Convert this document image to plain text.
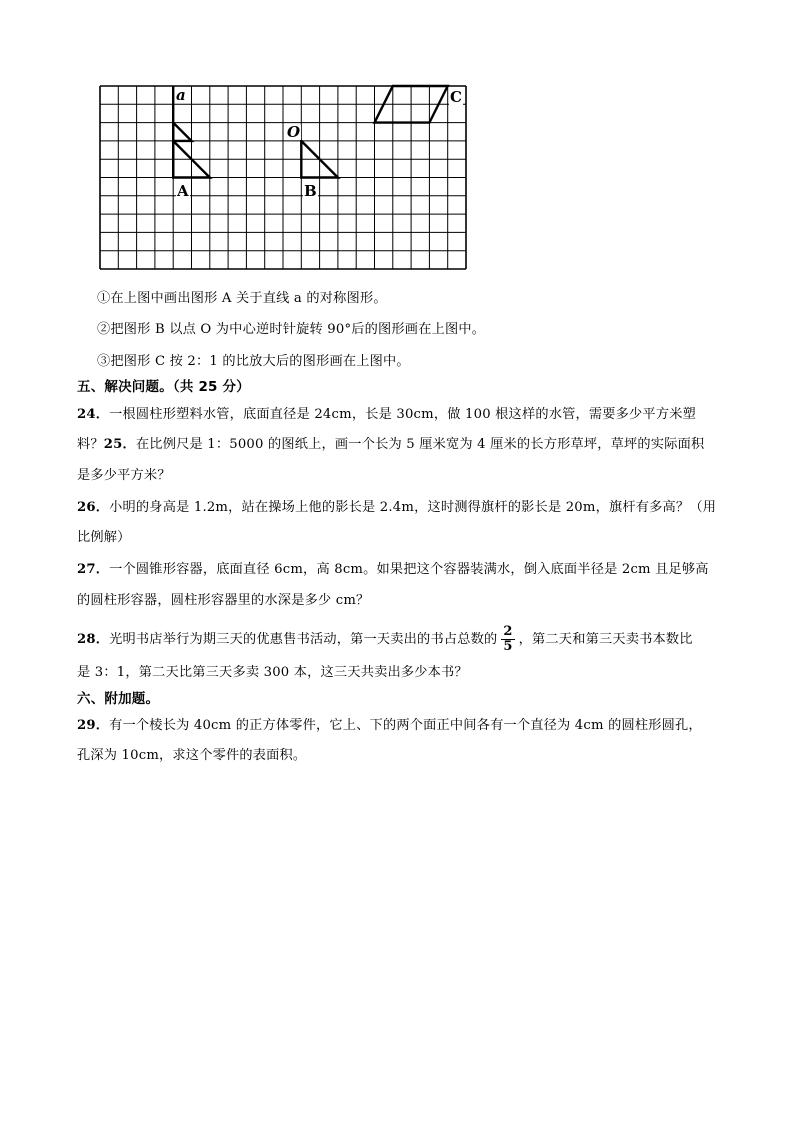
a
O
A	B
C
①在上图中画出图形 A 关于直线 a 的对称图形。
②把图形 B 以点 O 为中心逆时针旋转 90°后的图形画在上图中。
③把图形 C 按 2：1 的比放大后的图形画在上图中。
五、解决问题。（共 25 分）
24．一根圆柱形塑料水管，底面直径是 24cm，长是 30cm，做 100 根这样的水管，需要多少平方米塑
料？25．在比例尺是 1：5000 的图纸上，画一个长为 5 厘米宽为 4 厘米的长方形草坪，草坪的实际面积
是多少平方米？
26．小明的身高是 1.2m，站在操场上他的影长是 2.4m，这时测得旗杆的影长是 20m，旗杆有多高？（用
比例解）
27．一个圆锥形容器，底面直径 6cm，高 8cm。如果把这个容器装满水，倒入底面半径是 2cm 且足够高
的圆柱形容器，圆柱形容器里的水深是多少 cm？
28．光明书店举行为期三天的优惠售书活动，第一天卖出的书占总数的 $\frac{2}{5}$ ，第二天和第三天卖书本数比
是 3：1，第二天比第三天多卖 300 本，这三天共卖出多少本书？
六、附加题。
29．有一个棱长为 40cm 的正方体零件，它上、下的两个面正中间各有一个直径为 4cm 的圆柱形圆孔，
孔深为 10cm，求这个零件的表面积。
